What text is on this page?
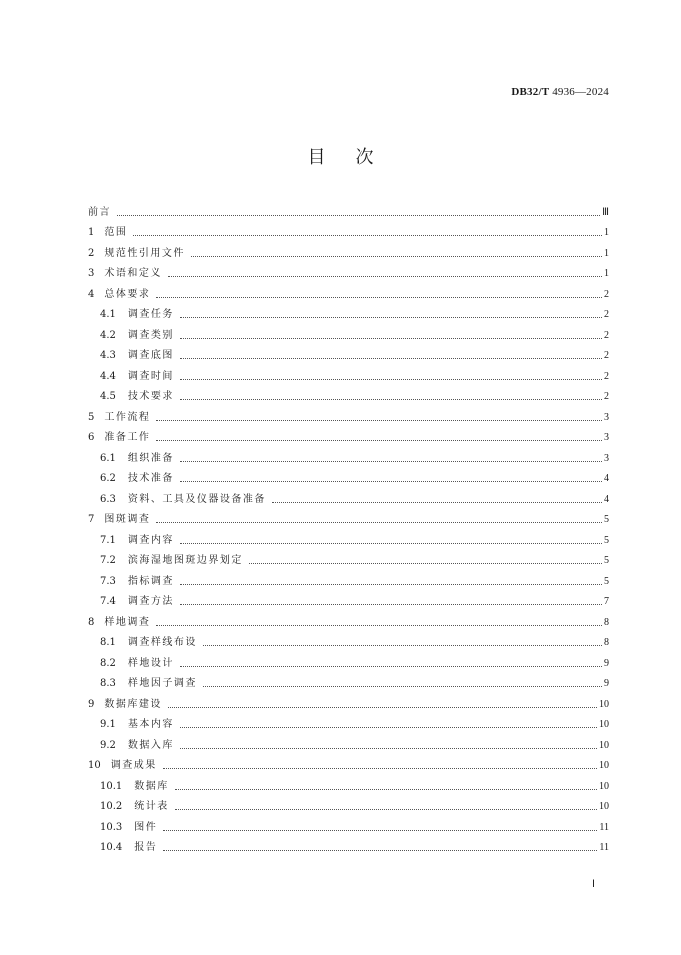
DB32/T 4936—2024
目次
前言	Ⅲ
1	范围	1
2	规范性引用文件	1
3	术语和定义	1
4	总体要求	2
4.1	调查任务	2
4.2	调查类别	2
4.3	调查底图	2
4.4	调查时间	2
4.5	技术要求	2
5	工作流程	3
6	准备工作	3
6.1	组织准备	3
6.2	技术准备	4
6.3	资料、工具及仪器设备准备	4
7	图斑调查	5
7.1	调查内容	5
7.2	滨海湿地图斑边界划定	5
7.3	指标调查	5
7.4	调查方法	7
8	样地调查	8
8.1	调查样线布设	8
8.2	样地设计	9
8.3	样地因子调查	9
9	数据库建设	10
9.1	基本内容	10
9.2	数据入库	10
10	调查成果	10
10.1	数据库	10
10.2	统计表	10
10.3	图件	11
10.4	报告	11
Ⅰ
